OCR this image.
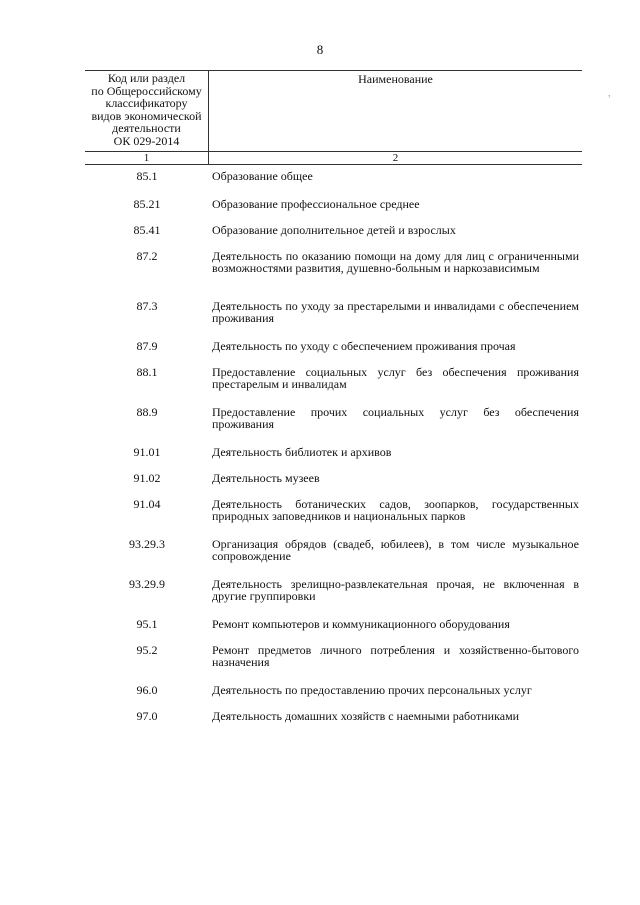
8
Код или раздел
по Общероссийскому
классификатору
видов экономической
деятельности
ОК 029-2014
Наименование
1	2
85.1	Образование общее
85.21	Образование профессиональное среднее
85.41	Образование дополнительное детей и взрослых
87.2	Деятельность по оказанию помощи на дому для лиц с ограниченными возможностями развития, душевно-больным и наркозависимым
87.3	Деятельность по уходу за престарелыми и инвалидами с обеспечением проживания
87.9	Деятельность по уходу с обеспечением проживания прочая
88.1	Предоставление социальных услуг без обеспечения проживания престарелым и инвалидам
88.9	Предоставление прочих социальных услуг без обеспечения проживания
91.01	Деятельность библиотек и архивов
91.02	Деятельность музеев
91.04	Деятельность ботанических садов, зоопарков, государственных природных заповедников и национальных парков
93.29.3	Организация обрядов (свадеб, юбилеев), в том числе музыкальное сопровождение
93.29.9	Деятельность зрелищно-развлекательная прочая, не включенная в другие группировки
95.1	Ремонт компьютеров и коммуникационного оборудования
95.2	Ремонт предметов личного потребления и хозяйственно-бытового назначения
96.0	Деятельность по предоставлению прочих персональных услуг
97.0	Деятельность домашних хозяйств с наемными работниками
,
